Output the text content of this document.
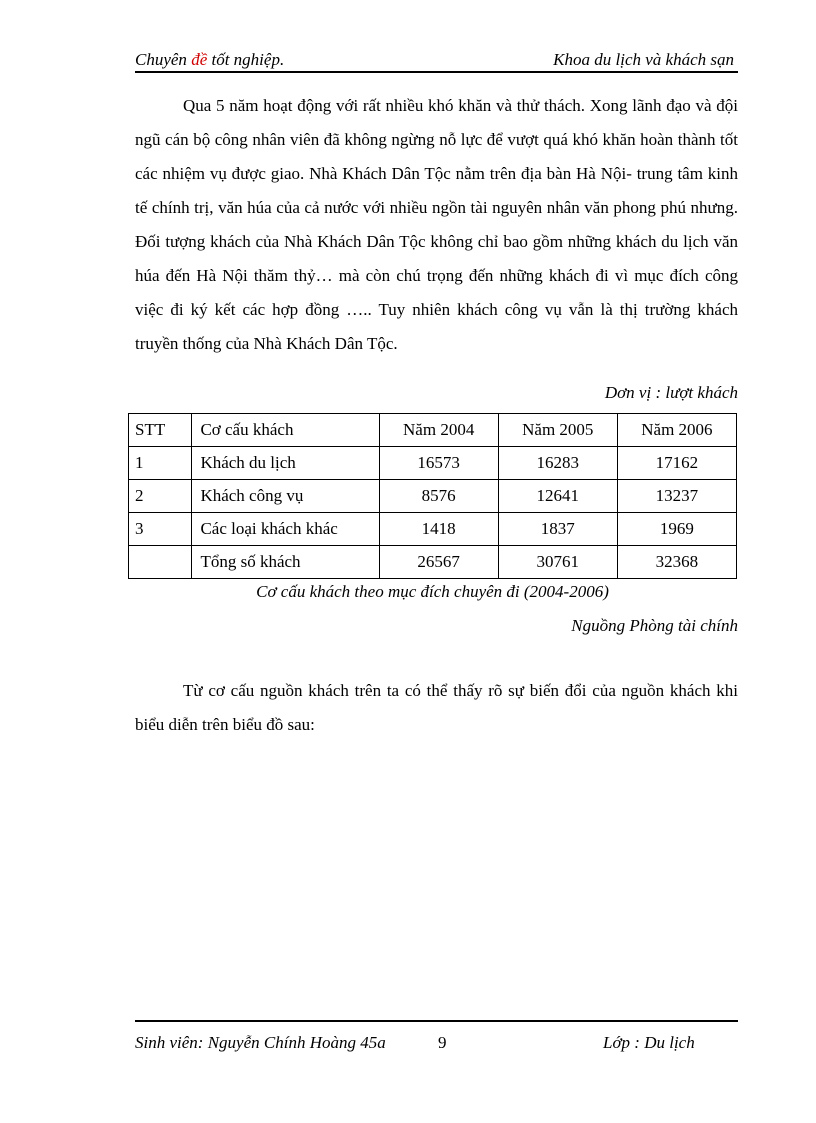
Chuyên đề tốt nghiệp.	Khoa du lịch và khách sạn

Qua 5 năm hoạt động với rất nhiều khó khăn và thử thách. Xong lãnh đạo và đội ngũ cán bộ công nhân viên đã không ngừng nỗ lực để vượt quá khó khăn hoàn thành tốt các nhiệm vụ được giao. Nhà Khách Dân Tộc nằm trên địa bàn Hà Nội- trung tâm kinh tế chính trị, văn húa của cả nước với nhiều ngồn tài nguyên nhân văn phong phú nhưng. Đối tượng khách của Nhà Khách Dân Tộc không chỉ bao gồm những khách du lịch văn húa đến Hà Nội thăm thỷ… mà còn chú trọng đến những khách đi vì mục đích công việc đi ký kết các hợp đồng ….. Tuy nhiên khách công vụ vẫn là thị trường khách truyền thống của Nhà Khách Dân Tộc.

Dơn vị : lượt khách
STT	Cơ cấu khách	Năm 2004	Năm 2005	Năm 2006
1	Khách du lịch	16573	16283	17162
2	Khách công vụ	8576	12641	13237
3	Các loại khách khác	1418	1837	1969
	Tổng số khách	26567	30761	32368
Cơ cấu khách theo mục đích chuyên đi (2004-2006)
Nguồng Phòng tài chính

Từ cơ cấu nguồn khách trên ta có thể thấy rõ sự biến đổi của nguồn khách khi biểu diễn trên biểu đồ sau:

Sinh viên: Nguyễn Chính Hoàng 45a	9	Lớp : Du lịch
